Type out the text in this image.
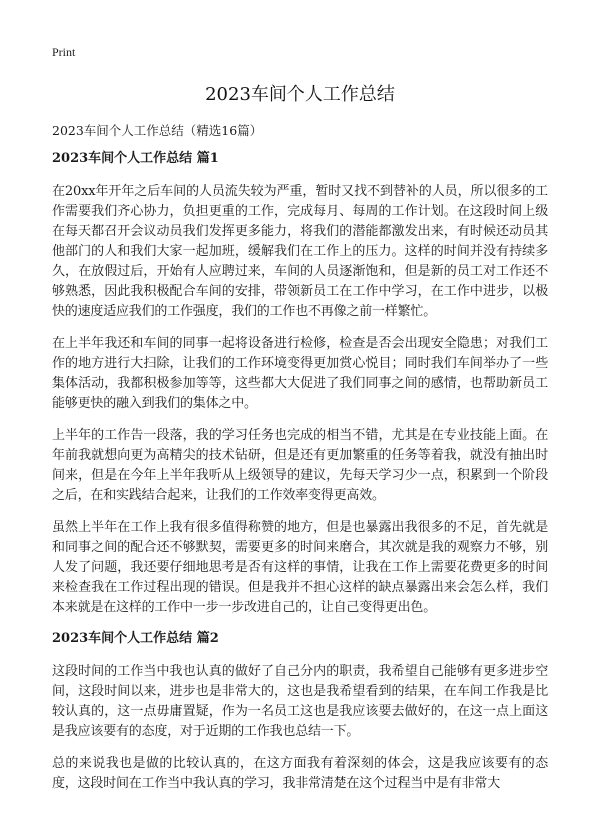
Print
2023车间个人工作总结

2023车间个人工作总结（精选16篇）

2023车间个人工作总结 篇1

在20xx年开年之后车间的人员流失较为严重，暂时又找不到替补的人员，所以很多的工作需要我们齐心协力，负担更重的工作，完成每月、每周的工作计划。在这段时间上级在每天都召开会议动员我们发挥更多能力，将我们的潜能都激发出来，有时候还动员其他部门的人和我们大家一起加班，缓解我们在工作上的压力。这样的时间并没有持续多久，在放假过后，开始有人应聘过来，车间的人员逐渐饱和，但是新的员工对工作还不够熟悉，因此我积极配合车间的安排，带领新员工在工作中学习，在工作中进步，以极快的速度适应我们的工作强度，我们的工作也不再像之前一样繁忙。

在上半年我还和车间的同事一起将设备进行检修，检查是否会出现安全隐患；对我们工作的地方进行大扫除，让我们的工作环境变得更加赏心悦目；同时我们车间举办了一些集体活动，我都积极参加等等，这些都大大促进了我们同事之间的感情，也帮助新员工能够更快的融入到我们的集体之中。

上半年的工作告一段落，我的学习任务也完成的相当不错，尤其是在专业技能上面。在年前我就想向更为高精尖的技术钻研，但是还有更加繁重的任务等着我，就没有抽出时间来，但是在今年上半年我听从上级领导的建议，先每天学习少一点，积累到一个阶段之后，在和实践结合起来，让我们的工作效率变得更高效。

虽然上半年在工作上我有很多值得称赞的地方，但是也暴露出我很多的不足，首先就是和同事之间的配合还不够默契，需要更多的时间来磨合，其次就是我的观察力不够，别人发了问题，我还要仔细地思考是否有这样的事情，让我在工作上需要花费更多的时间来检查我在工作过程出现的错误。但是我并不担心这样的缺点暴露出来会怎么样，我们本来就是在这样的工作中一步一步改进自己的，让自己变得更出色。

2023车间个人工作总结 篇2

这段时间的工作当中我也认真的做好了自己分内的职责，我希望自己能够有更多进步空间，这段时间以来，进步也是非常大的，这也是我希望看到的结果，在车间工作我是比较认真的，这一点毋庸置疑，作为一名员工这也是我应该要去做好的，在这一点上面这是我应该要有的态度，对于近期的工作我也总结一下。

总的来说我也是做的比较认真的，在这方面我有着深刻的体会，这是我应该要有的态度，这段时间在工作当中我认真的学习，我非常清楚在这个过程当中是有非常大
